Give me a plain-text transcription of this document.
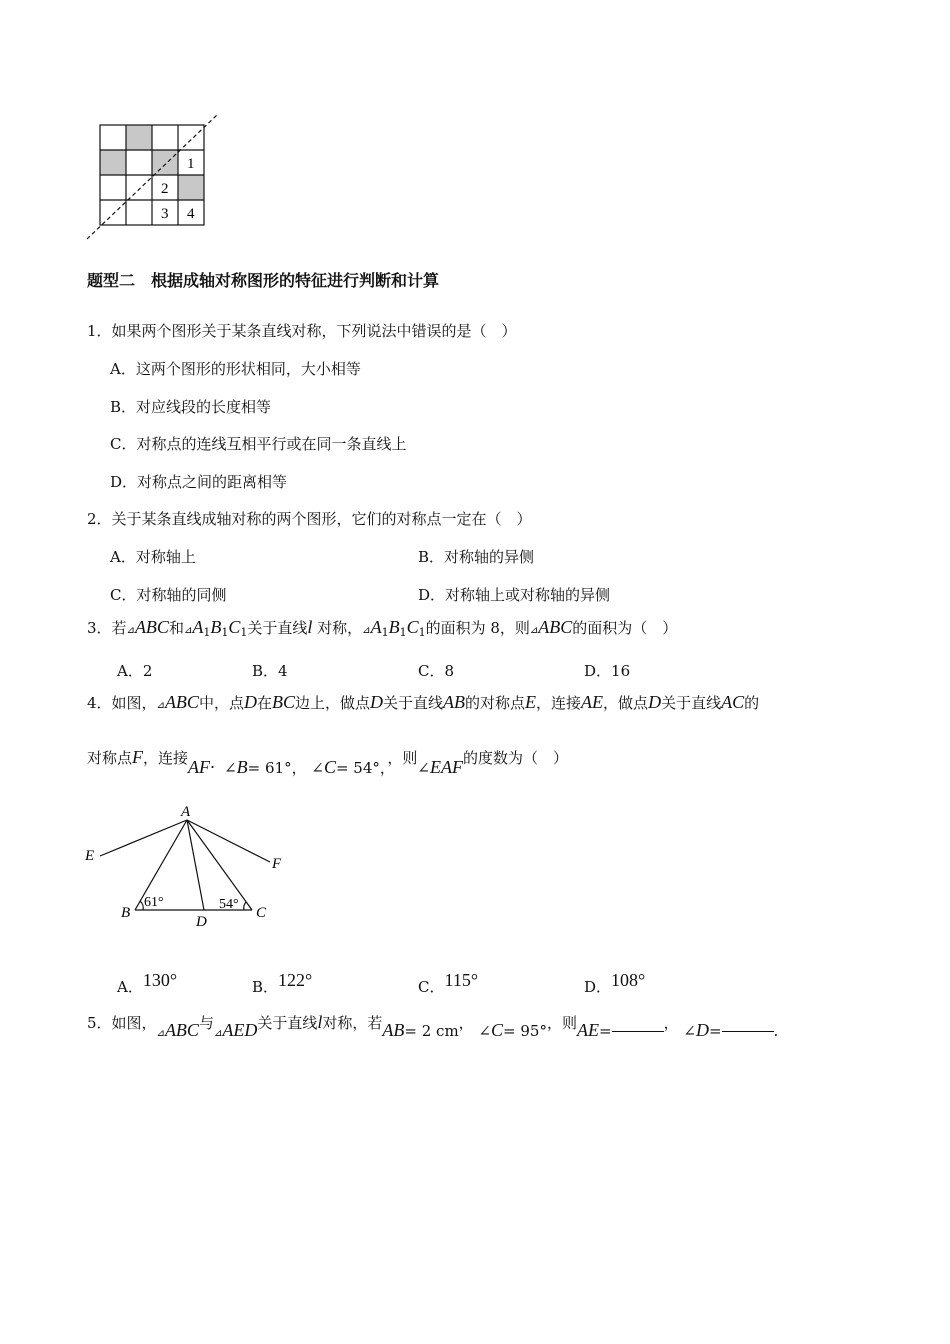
1
2
3 4
题型二　根据成轴对称图形的特征进行判断和计算
1．如果两个图形关于某条直线对称，下列说法中错误的是（　）
A．这两个图形的形状相同，大小相等
B．对应线段的长度相等
C．对称点的连线互相平行或在同一条直线上
D．对称点之间的距离相等
2．关于某条直线成轴对称的两个图形，它们的对称点一定在（　）
A．对称轴上	B．对称轴的异侧
C．对称轴的同侧	D．对称轴上或对称轴的异侧
3．若⊿ABC和$⊿A_1B_1C_1$关于直线l 对称，$⊿A_1B_1C_1$的面积为 8，则⊿ABC的面积为（　）
A．2	B．4	C．8	D．16
4．如图，⊿ABC中，点D在BC边上，做点D关于直线AB的对称点E，连接AE，做点D关于直线AC的
对称点F，连接AF·  ∠B= 61°， ∠C= 54°，，则∠EAF的度数为（　）
A
E	F
B	C
D
61°	54°
A．130°	B．122°	C．115°	D．108°
5．如图，⊿ABC与⊿AED关于直线l对称，若AB= 2 cm， ∠C= 95°，则AE=	， ∠D=	.
